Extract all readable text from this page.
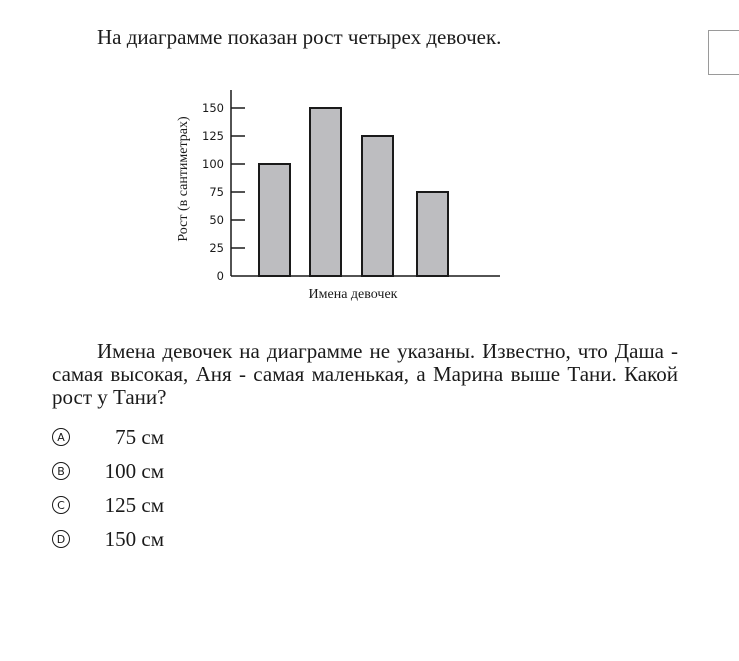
На диаграмме показан рост четырех девочек.
0
25
50
75
100
125
150
Имена девочек
Рост (в сантиметрах)
Имена девочек на диаграмме не указаны. Известно, что Даша - самая высокая, Аня - самая маленькая, а Марина выше Тани. Какой рост у Тани?
A	75 см
B 100 см
C 125 см
D 150 см
